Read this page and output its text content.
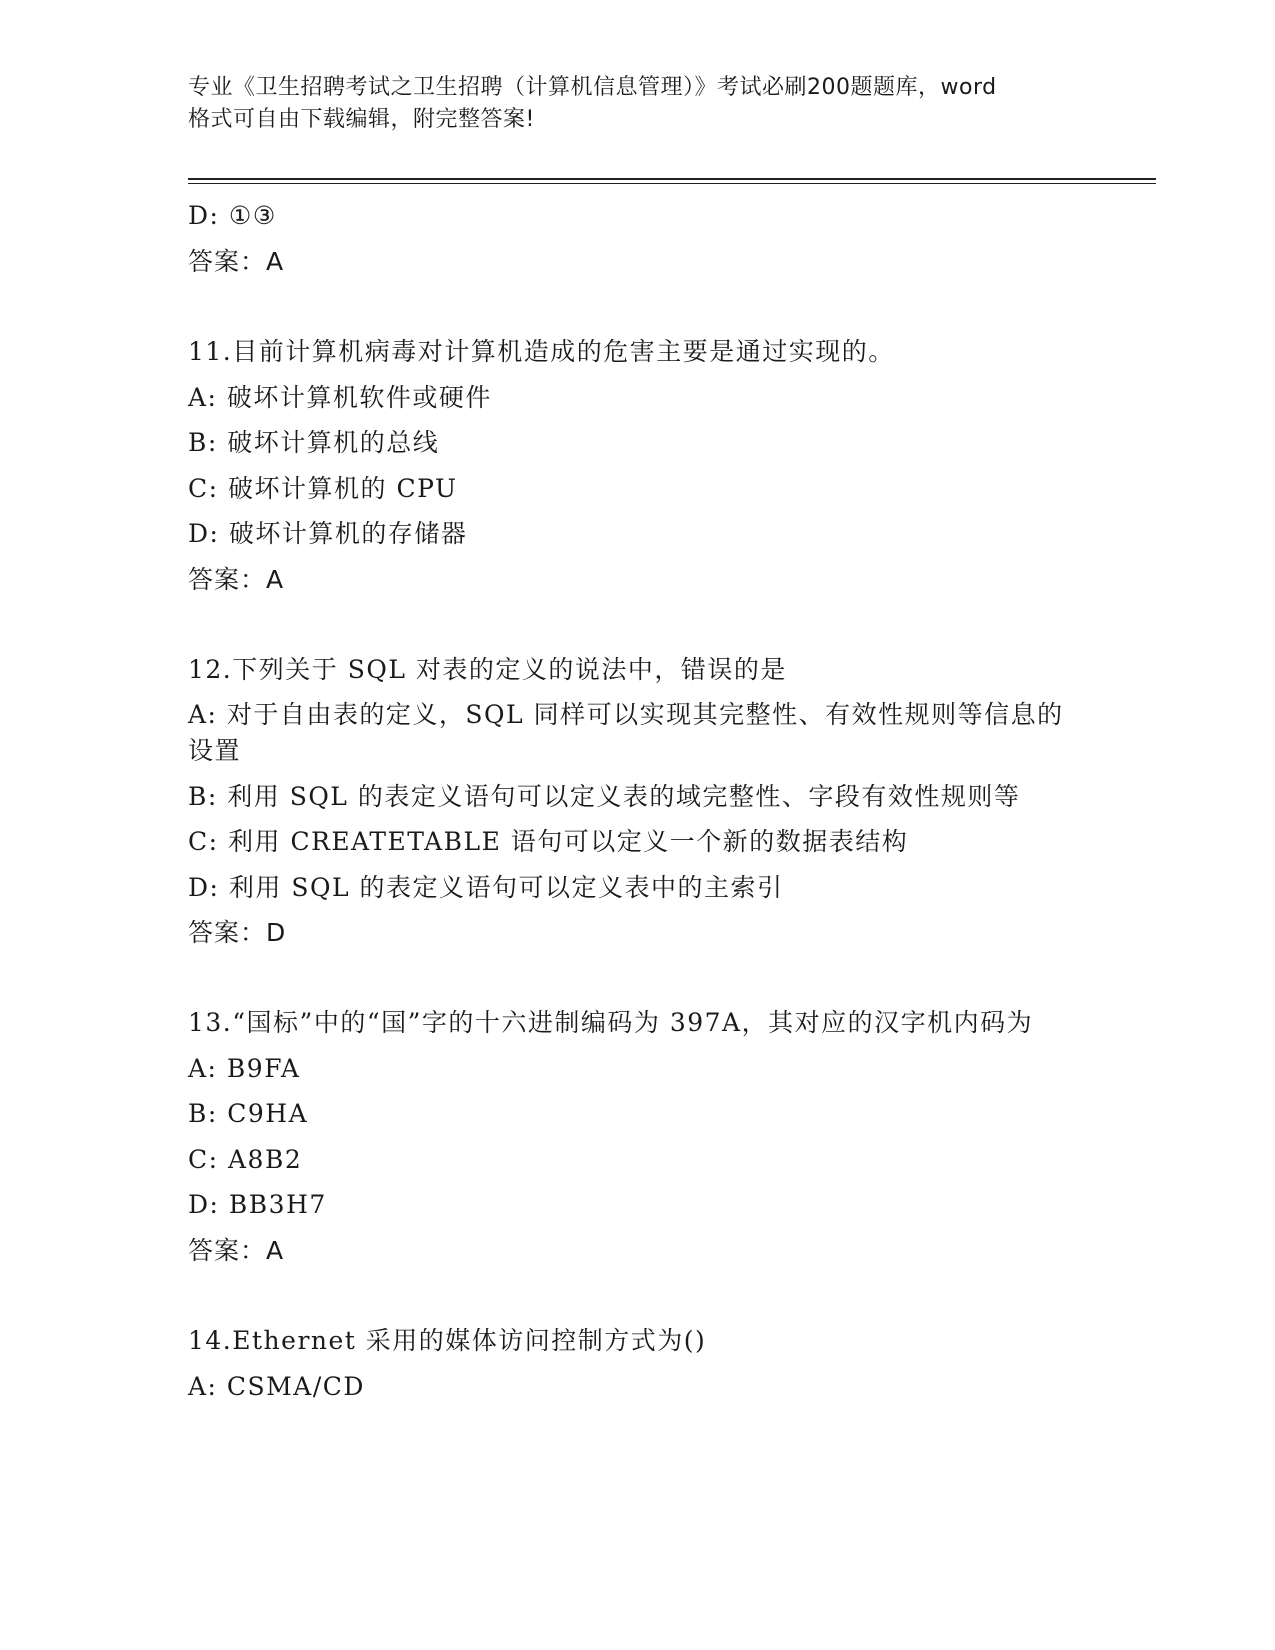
专业《卫生招聘考试之卫生招聘（计算机信息管理）》考试必刷200题题库，word
格式可自由下载编辑，附完整答案!
D: ①③
答案：A
11.目前计算机病毒对计算机造成的危害主要是通过实现的。
A: 破坏计算机软件或硬件
B: 破坏计算机的总线
C: 破坏计算机的 CPU
D: 破坏计算机的存储器
答案：A
12.下列关于 SQL 对表的定义的说法中，错误的是
A: 对于自由表的定义，SQL 同样可以实现其完整性、有效性规则等信息的设置
B: 利用 SQL 的表定义语句可以定义表的域完整性、字段有效性规则等
C: 利用 CREATETABLE 语句可以定义一个新的数据表结构
D: 利用 SQL 的表定义语句可以定义表中的主索引
答案：D
13.“国标”中的“国”字的十六进制编码为 397A，其对应的汉字机内码为
A: B9FA
B: C9HA
C: A8B2
D: BB3H7
答案：A
14.Ethernet 采用的媒体访问控制方式为()
A: CSMA/CD
